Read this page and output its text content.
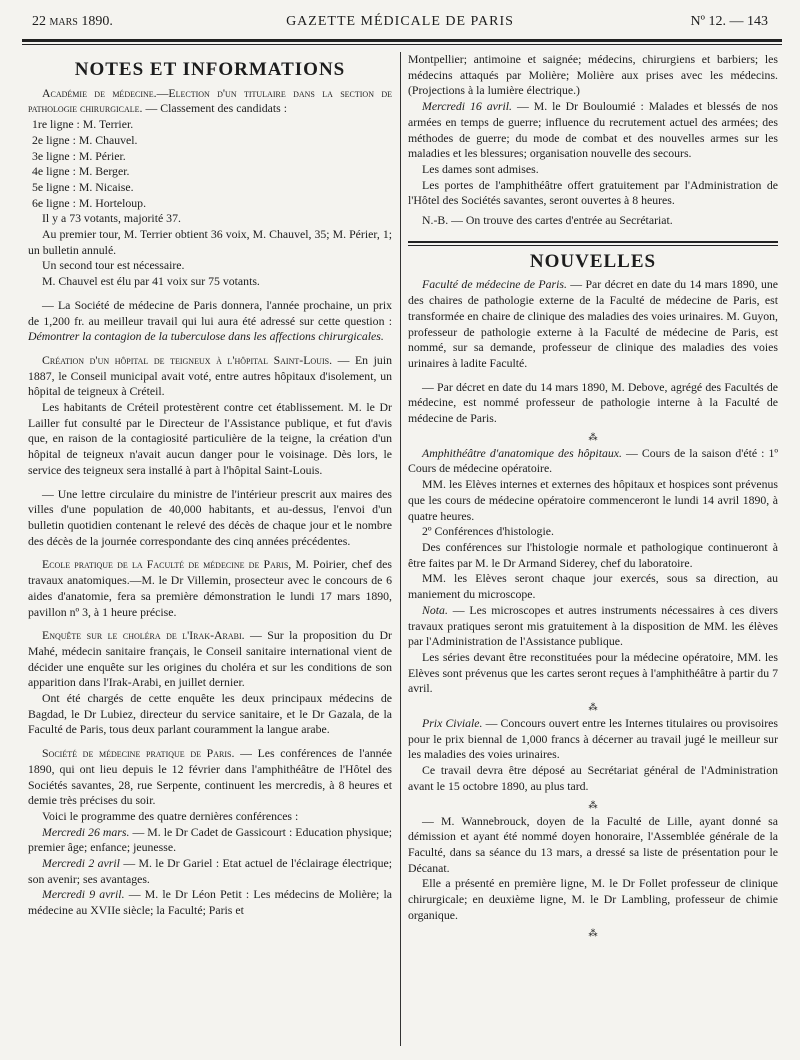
22 mars 1890.	GAZETTE MÉDICALE DE PARIS	Nº 12. — 143
NOTES ET INFORMATIONS

Académie de médecine.—Election d'un titulaire dans la section de pathologie chirurgicale. — Classement des candidats :

1re ligne : M. Terrier.

2e ligne : M. Chauvel.

3e ligne : M. Périer.

4e ligne : M. Berger.

5e ligne : M. Nicaise.

6e ligne : M. Horteloup.

Il y a 73 votants, majorité 37.

Au premier tour, M. Terrier obtient 36 voix, M. Chauvel, 35; M. Périer, 1; un bulletin annulé.

Un second tour est nécessaire.

M. Chauvel est élu par 41 voix sur 75 votants.

— La Société de médecine de Paris donnera, l'année prochaine, un prix de 1,200 fr. au meilleur travail qui lui aura été adressé sur cette question : Démontrer la contagion de la tuberculose dans les affections chirurgicales.

Création d'un hôpital de teigneux à l'hôpital Saint-Louis. — En juin 1887, le Conseil municipal avait voté, entre autres hôpitaux d'isolement, un hôpital de teigneux à Créteil.

Les habitants de Créteil protestèrent contre cet établissement. M. le Dr Lailler fut consulté par le Directeur de l'Assistance publique, et fut d'avis que, en raison de la contagiosité particulière de la teigne, la création d'un hôpital de teigneux n'avait aucun danger pour le voisinage. Dès lors, le service des teigneux sera installé à part à l'hôpital Saint-Louis.

— Une lettre circulaire du ministre de l'intérieur prescrit aux maires des villes d'une population de 40,000 habitants, et au-dessus, l'envoi d'un bulletin quotidien contenant le relevé des décès de chaque jour et le nombre des décès de la journée correspondante des cinq années précédentes.

Ecole pratique de la Faculté de médecine de Paris, M. Poirier, chef des travaux anatomiques.—M. le Dr Villemin, prosecteur avec le concours de 6 aides d'anatomie, fera sa première démonstration le lundi 17 mars 1890, pavillon nº 3, à 1 heure précise.

Enquête sur le choléra de l'Irak-Arabi. — Sur la proposition du Dr Mahé, médecin sanitaire français, le Conseil sanitaire international vient de décider une enquête sur les origines du choléra et sur les conditions de son apparition dans l'Irak-Arabi, en juillet dernier.

Ont été chargés de cette enquête les deux principaux médecins de Bagdad, le Dr Lubiez, directeur du service sanitaire, et le Dr Gazala, de la Faculté de Paris, tous deux parlant couramment la langue arabe.

Société de médecine pratique de Paris. — Les conférences de l'année 1890, qui ont lieu depuis le 12 février dans l'amphithéâtre de l'Hôtel des Sociétés savantes, 28, rue Serpente, continuent les mercredis, à 8 heures et demie très précises du soir.

Voici le programme des quatre dernières conférences :

Mercredi 26 mars. — M. le Dr Cadet de Gassicourt : Education physique; premier âge; enfance; jeunesse.

Mercredi 2 avril — M. le Dr Gariel : Etat actuel de l'éclairage électrique; son avenir; ses avantages.

Mercredi 9 avril. — M. le Dr Léon Petit : Les médecins de Molière; la médecine au XVIIe siècle; la Faculté; Paris et

Montpellier; antimoine et saignée; médecins, chirurgiens et barbiers; les médecins attaqués par Molière; Molière aux prises avec les médecins. (Projections à la lumière électrique.)

Mercredi 16 avril. — M. le Dr Bouloumié : Malades et blessés de nos armées en temps de guerre; influence du recrutement actuel des armées; des méthodes de guerre; du mode de combat et des nouvelles armes sur les maladies et les blessures; organisation nouvelle des secours.

Les dames sont admises.

Les portes de l'amphithéâtre offert gratuitement par l'Administration de l'Hôtel des Sociétés savantes, seront ouvertes à 8 heures.

N.-B. — On trouve des cartes d'entrée au Secrétariat.

NOUVELLES

Faculté de médecine de Paris. — Par décret en date du 14 mars 1890, une des chaires de pathologie externe de la Faculté de médecine de Paris, est transformée en chaire de clinique des maladies des voies urinaires. M. Guyon, professeur de pathologie externe à la Faculté de médecine de Paris, est nommé, sur sa demande, professeur de clinique des maladies des voies urinaires à ladite Faculté.

— Par décret en date du 14 mars 1890, M. Debove, agrégé des Facultés de médecine, est nommé professeur de pathologie interne à la Faculté de médecine de Paris.

⁂

Amphithéâtre d'anatomique des hôpitaux. — Cours de la saison d'été : 1º Cours de médecine opératoire.

MM. les Elèves internes et externes des hôpitaux et hospices sont prévenus que les cours de médecine opératoire commenceront le lundi 14 avril 1890, à quatre heures.

2º Conférences d'histologie.

Des conférences sur l'histologie normale et pathologique continueront à être faites par M. le Dr Armand Siderey, chef du laboratoire.

MM. les Elèves seront chaque jour exercés, sous sa direction, au maniement du microscope.

Nota. — Les microscopes et autres instruments nécessaires à ces divers travaux pratiques seront mis gratuitement à la disposition de MM. les élèves par l'Administration de l'Assistance publique.

Les séries devant être reconstituées pour la médecine opératoire, MM. les Elèves sont prévenus que les cartes seront reçues à l'amphithéâtre à partir du 7 avril.

⁂

Prix Civiale. — Concours ouvert entre les Internes titulaires ou provisoires pour le prix biennal de 1,000 francs à décerner au travail jugé le meilleur sur les maladies des voies urinaires.

Ce travail devra être déposé au Secrétariat général de l'Administration avant le 15 octobre 1890, au plus tard.

⁂

— M. Wannebrouck, doyen de la Faculté de Lille, ayant donné sa démission et ayant été nommé doyen honoraire, l'Assemblée générale de la Faculté, dans sa séance du 13 mars, a dressé sa liste de présentation pour le Décanat.

Elle a présenté en première ligne, M. le Dr Follet professeur de clinique chirurgicale; en deuxième ligne, M. le Dr Lambling, professeur de chimie organique.

⁂
